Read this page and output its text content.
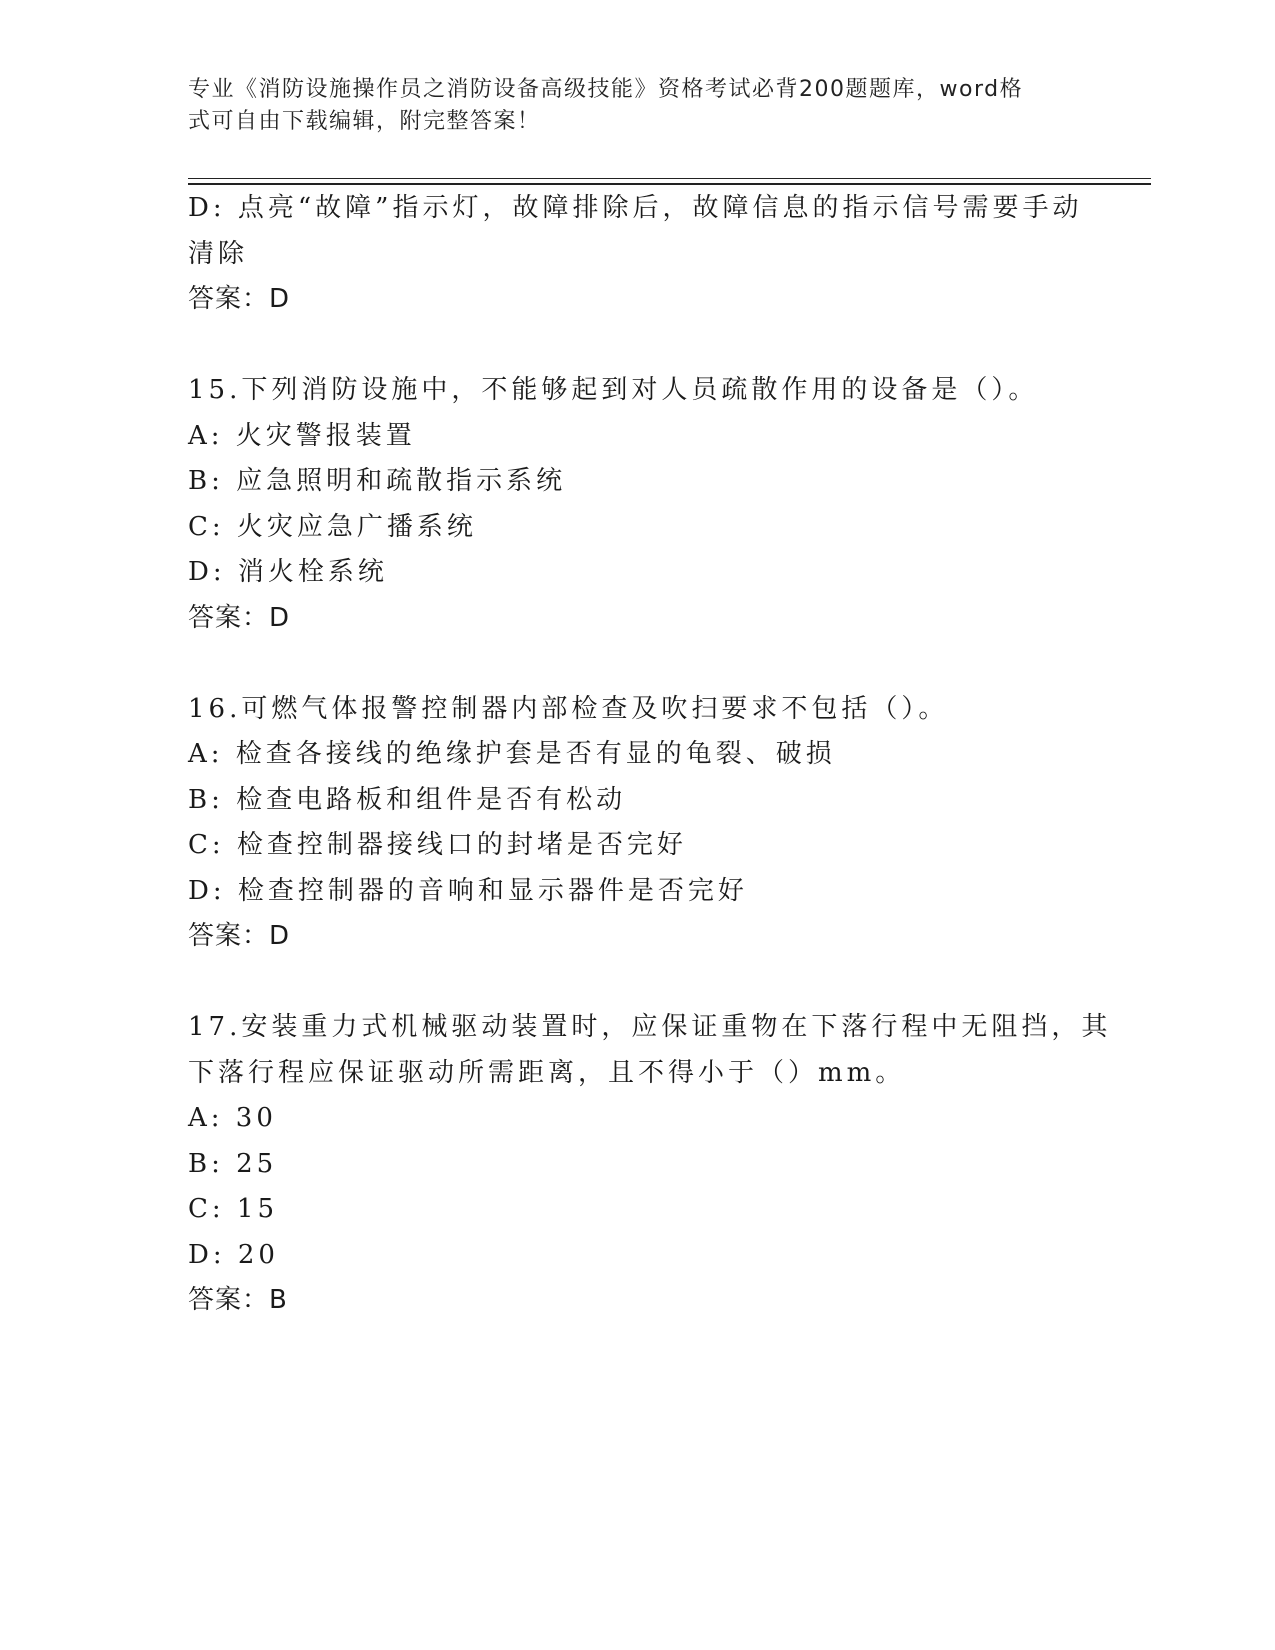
专业《消防设施操作员之消防设备高级技能》资格考试必背200题题库，word格
式可自由下载编辑，附完整答案！

D: 点亮“故障”指示灯，故障排除后，故障信息的指示信号需要手动

清除

答案：D

15.下列消防设施中，不能够起到对人员疏散作用的设备是（）。

A: 火灾警报装置

B: 应急照明和疏散指示系统

C: 火灾应急广播系统

D: 消火栓系统

答案：D

16.可燃气体报警控制器内部检查及吹扫要求不包括（）。

A: 检查各接线的绝缘护套是否有显的龟裂、破损

B: 检查电路板和组件是否有松动

C: 检查控制器接线口的封堵是否完好

D: 检查控制器的音响和显示器件是否完好

答案：D

17.安装重力式机械驱动装置时，应保证重物在下落行程中无阻挡，其

下落行程应保证驱动所需距离，且不得小于（）mm。

A: 30

B: 25

C: 15

D: 20

答案：B
